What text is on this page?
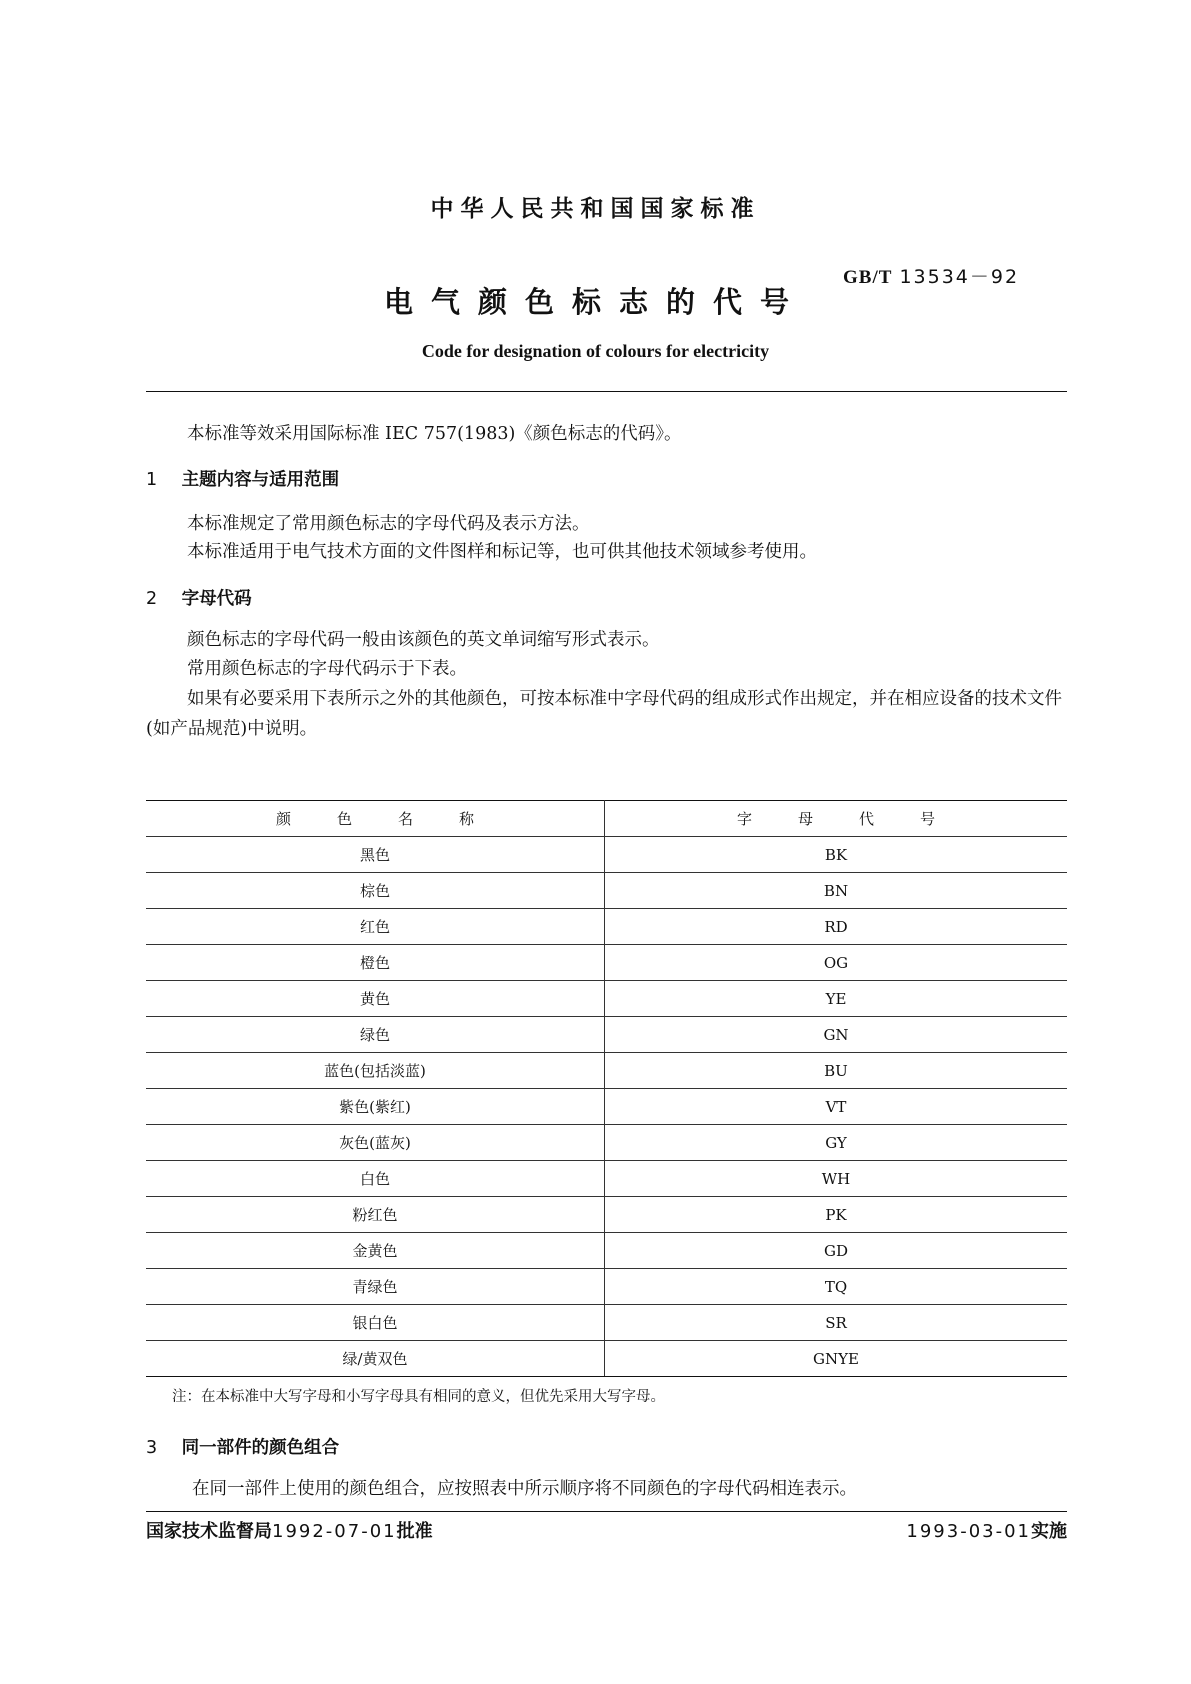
中华人民共和国国家标准
GB/T 13534－92
电气颜色标志的代号
Code for designation of colours for electricity
本标准等效采用国际标准 IEC 757(1983)《颜色标志的代码》。
1 主题内容与适用范围
本标准规定了常用颜色标志的字母代码及表示方法。
本标准适用于电气技术方面的文件图样和标记等，也可供其他技术领域参考使用。
2 字母代码
颜色标志的字母代码一般由该颜色的英文单词缩写形式表示。
常用颜色标志的字母代码示于下表。
如果有必要采用下表所示之外的其他颜色，可按本标准中字母代码的组成形式作出规定，并在相应设备的技术文件(如产品规范)中说明。
颜 色 名 称	字 母 代 号

黑色	BK
棕色	BN
红色	RD
橙色	OG
黄色	YE
绿色	GN
蓝色(包括淡蓝)	BU
紫色(紫红)	VT
灰色(蓝灰)	GY
白色	WH
粉红色	PK
金黄色	GD
青绿色	TQ
银白色	SR
绿/黄双色	GNYE
注：在本标准中大写字母和小写字母具有相同的意义，但优先采用大写字母。
3 同一部件的颜色组合
在同一部件上使用的颜色组合，应按照表中所示顺序将不同颜色的字母代码相连表示。
国家技术监督局1992-07-01批准	1993-03-01实施
